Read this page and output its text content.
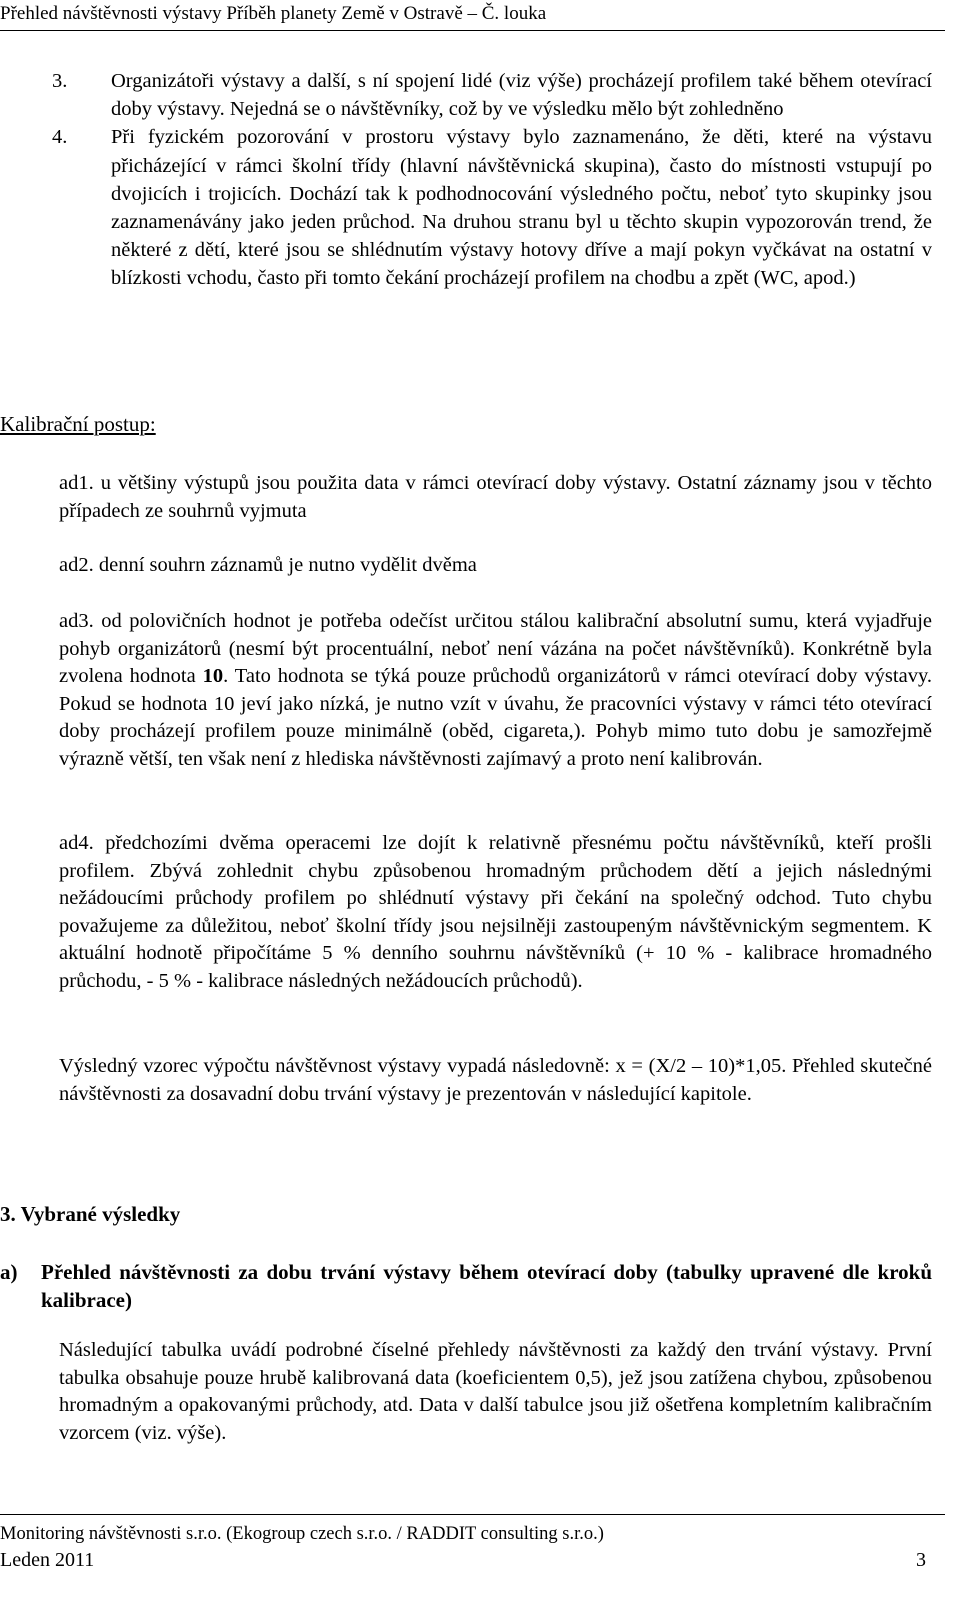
Přehled návštěvnosti výstavy Příběh planety Země v Ostravě – Č. louka
3. Organizátoři výstavy a další, s ní spojení lidé (viz výše) procházejí profilem také během otevírací doby výstavy. Nejedná se o návštěvníky, což by ve výsledku mělo být zohledněno
4. Při fyzickém pozorování v prostoru výstavy bylo zaznamenáno, že děti, které na výstavu přicházející v rámci školní třídy (hlavní návštěvnická skupina), často do místnosti vstupují po dvojicích i trojicích. Dochází tak k podhodnocování výsledného počtu, neboť tyto skupinky jsou zaznamenávány jako jeden průchod. Na druhou stranu byl u těchto skupin vypozorován trend, že některé z dětí, které jsou se shlédnutím výstavy hotovy dříve a mají pokyn vyčkávat na ostatní v blízkosti vchodu, často při tomto čekání procházejí profilem na chodbu a zpět (WC, apod.)
Kalibrační postup:

ad1. u většiny výstupů jsou použita data v rámci otevírací doby výstavy. Ostatní záznamy jsou v těchto případech ze souhrnů vyjmuta

ad2. denní souhrn záznamů je nutno vydělit dvěma

ad3. od polovičních hodnot je potřeba odečíst určitou stálou kalibrační absolutní sumu, která vyjadřuje pohyb organizátorů (nesmí být procentuální, neboť není vázána na počet návštěvníků). Konkrétně byla zvolena hodnota 10. Tato hodnota se týká pouze průchodů organizátorů v rámci otevírací doby výstavy. Pokud se hodnota 10 jeví jako nízká, je nutno vzít v úvahu, že pracovníci výstavy v rámci této otevírací doby procházejí profilem pouze minimálně (oběd, cigareta,). Pohyb mimo tuto dobu je samozřejmě výrazně větší, ten však není z hlediska návštěvnosti zajímavý a proto není kalibrován.

ad4. předchozími dvěma operacemi lze dojít k relativně přesnému počtu návštěvníků, kteří prošli profilem. Zbývá zohlednit chybu způsobenou hromadným průchodem dětí a jejich následnými nežádoucími průchody profilem po shlédnutí výstavy při čekání na společný odchod. Tuto chybu považujeme za důležitou, neboť školní třídy jsou nejsilněji zastoupeným návštěvnickým segmentem. K aktuální hodnotě připočítáme 5 % denního souhrnu návštěvníků (+ 10 % - kalibrace hromadného průchodu, - 5 % - kalibrace následných nežádoucích průchodů).

Výsledný vzorec výpočtu návštěvnost výstavy vypadá následovně: x = (X/2 – 10)*1,05. Přehled skutečné návštěvnosti za dosavadní dobu trvání výstavy je prezentován v následující kapitole.

3. Vybrané výsledky
a) Přehled návštěvnosti za dobu trvání výstavy během otevírací doby (tabulky upravené dle kroků kalibrace)

Následující tabulka uvádí podrobné číselné přehledy návštěvnosti za každý den trvání výstavy. První tabulka obsahuje pouze hrubě kalibrovaná data (koeficientem 0,5), jež jsou zatížena chybou, způsobenou hromadným a opakovanými průchody, atd. Data v další tabulce jsou již ošetřena kompletním kalibračním vzorcem (viz. výše).

Monitoring návštěvnosti s.r.o. (Ekogroup czech s.r.o. / RADDIT consulting s.r.o.)
Leden 2011	3
